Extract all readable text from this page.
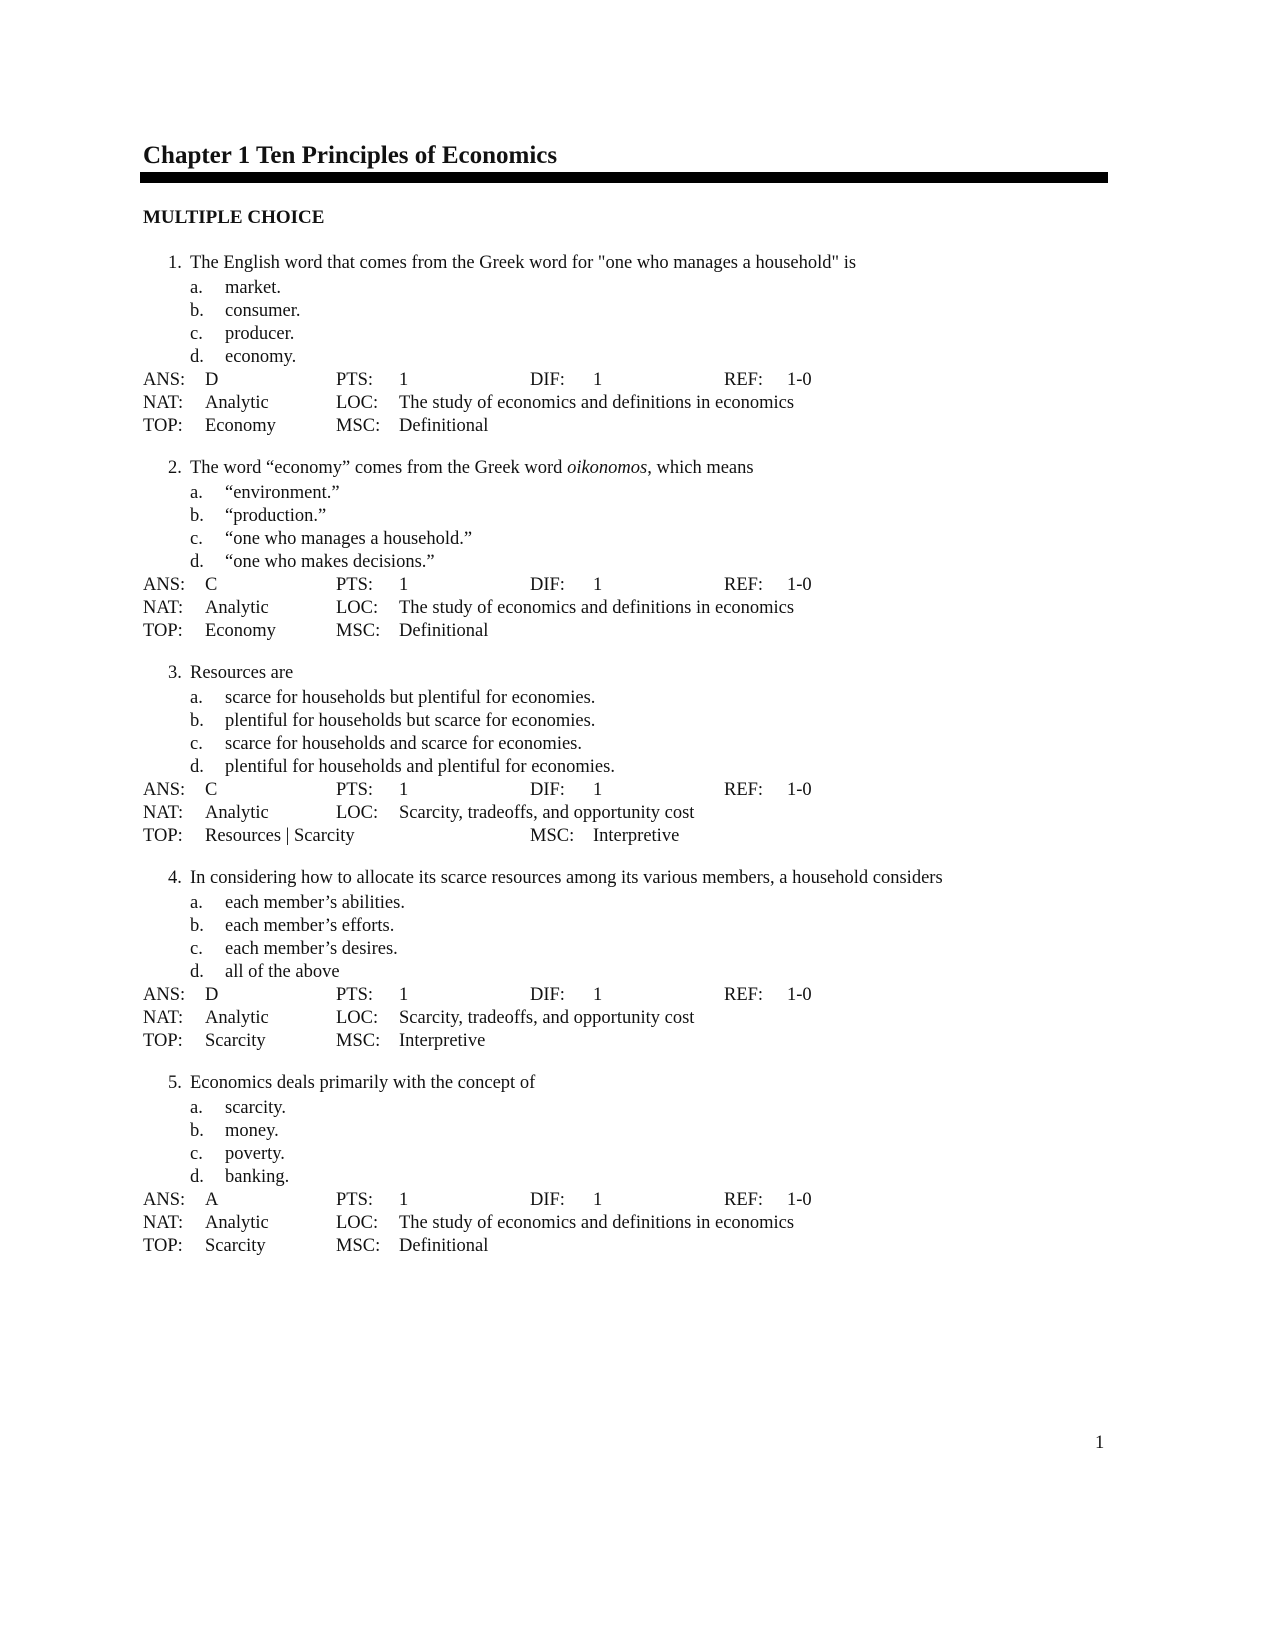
Chapter 1 Ten Principles of Economics
MULTIPLE CHOICE
1. The English word that comes from the Greek word for "one who manages a household" is
a. market.
b. consumer.
c. producer.
d. economy.
ANS: D	PTS: 1	DIF: 1	REF: 1-0
NAT: Analytic	LOC: The study of economics and definitions in economics
TOP: Economy	MSC: Definitional
2. The word “economy” comes from the Greek word oikonomos, which means
a. “environment.”
b. “production.”
c. “one who manages a household.”
d. “one who makes decisions.”
ANS: C	PTS: 1	DIF: 1	REF: 1-0
NAT: Analytic	LOC: The study of economics and definitions in economics
TOP: Economy	MSC: Definitional
3. Resources are
a. scarce for households but plentiful for economies.
b. plentiful for households but scarce for economies.
c. scarce for households and scarce for economies.
d. plentiful for households and plentiful for economies.
ANS: C	PTS: 1	DIF: 1	REF: 1-0
NAT: Analytic	LOC: Scarcity, tradeoffs, and opportunity cost
TOP: Resources | Scarcity	MSC: Interpretive
4. In considering how to allocate its scarce resources among its various members, a household considers
a. each member’s abilities.
b. each member’s efforts.
c. each member’s desires.
d. all of the above
ANS: D	PTS: 1	DIF: 1	REF: 1-0
NAT: Analytic	LOC: Scarcity, tradeoffs, and opportunity cost
TOP: Scarcity	MSC: Interpretive
5. Economics deals primarily with the concept of
a. scarcity.
b. money.
c. poverty.
d. banking.
ANS: A	PTS: 1	DIF: 1	REF: 1-0
NAT: Analytic	LOC: The study of economics and definitions in economics
TOP: Scarcity	MSC: Definitional
1
